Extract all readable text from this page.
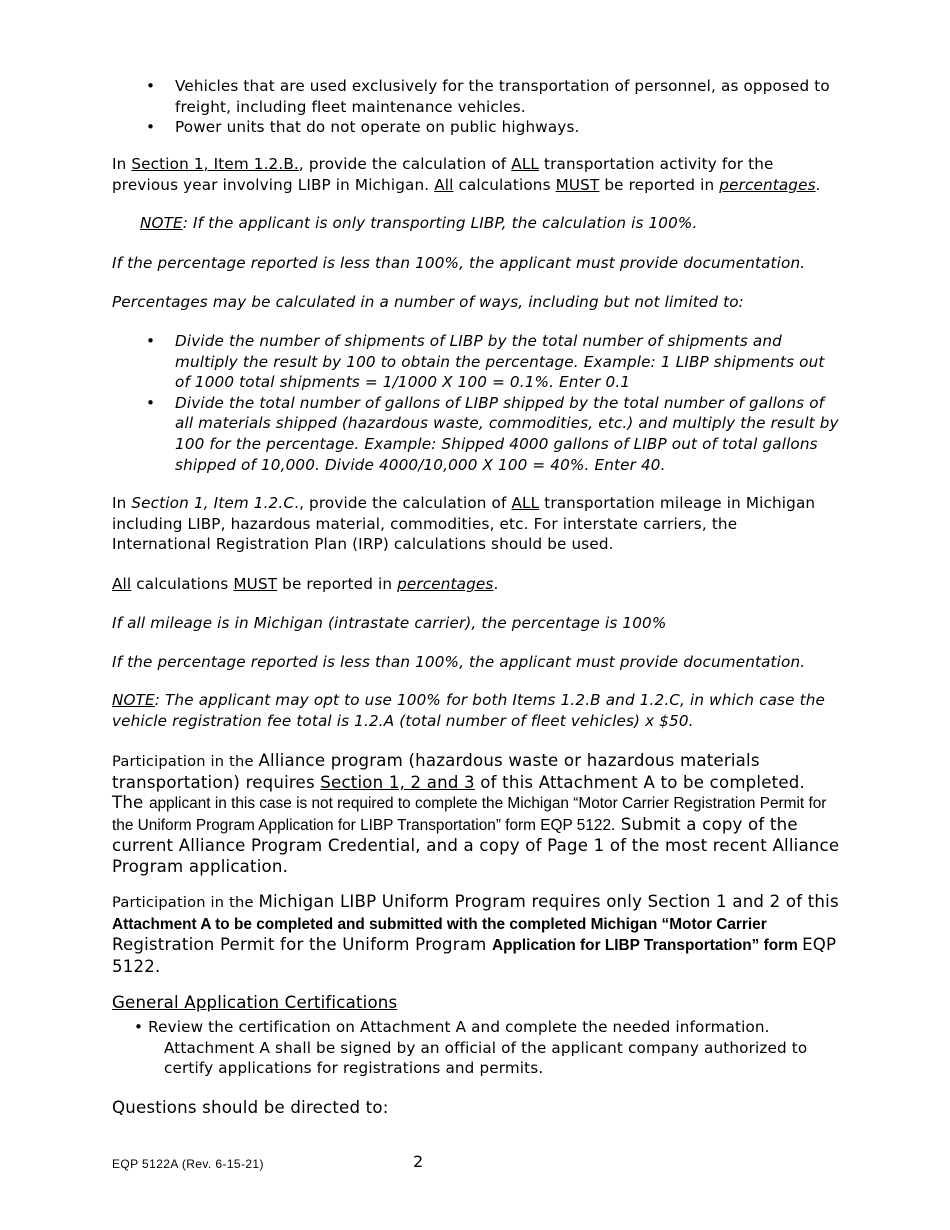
• Vehicles that are used exclusively for the transportation of personnel, as opposed to freight, including fleet maintenance vehicles.
• Power units that do not operate on public highways.
In Section 1, Item 1.2.B., provide the calculation of ALL transportation activity for the previous year involving LIBP in Michigan. All calculations MUST be reported in percentages.
NOTE: If the applicant is only transporting LIBP, the calculation is 100%.
If the percentage reported is less than 100%, the applicant must provide documentation.
Percentages may be calculated in a number of ways, including but not limited to:
• Divide the number of shipments of LIBP by the total number of shipments and multiply the result by 100 to obtain the percentage. Example: 1 LIBP shipments out of 1000 total shipments = 1/1000 X 100 = 0.1%. Enter 0.1
• Divide the total number of gallons of LIBP shipped by the total number of gallons of all materials shipped (hazardous waste, commodities, etc.) and multiply the result by 100 for the percentage. Example: Shipped 4000 gallons of LIBP out of total gallons shipped of 10,000. Divide 4000/10,000 X 100 = 40%. Enter 40.
In Section 1, Item 1.2.C., provide the calculation of ALL transportation mileage in Michigan including LIBP, hazardous material, commodities, etc. For interstate carriers, the International Registration Plan (IRP) calculations should be used.
All calculations MUST be reported in percentages.
If all mileage is in Michigan (intrastate carrier), the percentage is 100%
If the percentage reported is less than 100%, the applicant must provide documentation.
NOTE: The applicant may opt to use 100% for both Items 1.2.B and 1.2.C, in which case the vehicle registration fee total is 1.2.A (total number of fleet vehicles) x $50.
Participation in the Alliance program (hazardous waste or hazardous materials transportation) requires Section 1, 2 and 3 of this Attachment A to be completed. The applicant in this case is not required to complete the Michigan “Motor Carrier Registration Permit for the Uniform Program Application for LIBP Transportation” form EQP 5122. Submit a copy of the current Alliance Program Credential, and a copy of Page 1 of the most recent Alliance Program application.
Participation in the Michigan LIBP Uniform Program requires only Section 1 and 2 of this Attachment A to be completed and submitted with the completed Michigan “Motor Carrier Registration Permit for the Uniform Program Application for LIBP Transportation” form EQP 5122.
General Application Certifications
• Review the certification on Attachment A and complete the needed information.
Attachment A shall be signed by an official of the applicant company authorized to certify applications for registrations and permits.
Questions should be directed to:
EQP 5122A (Rev. 6-15-21)	2
